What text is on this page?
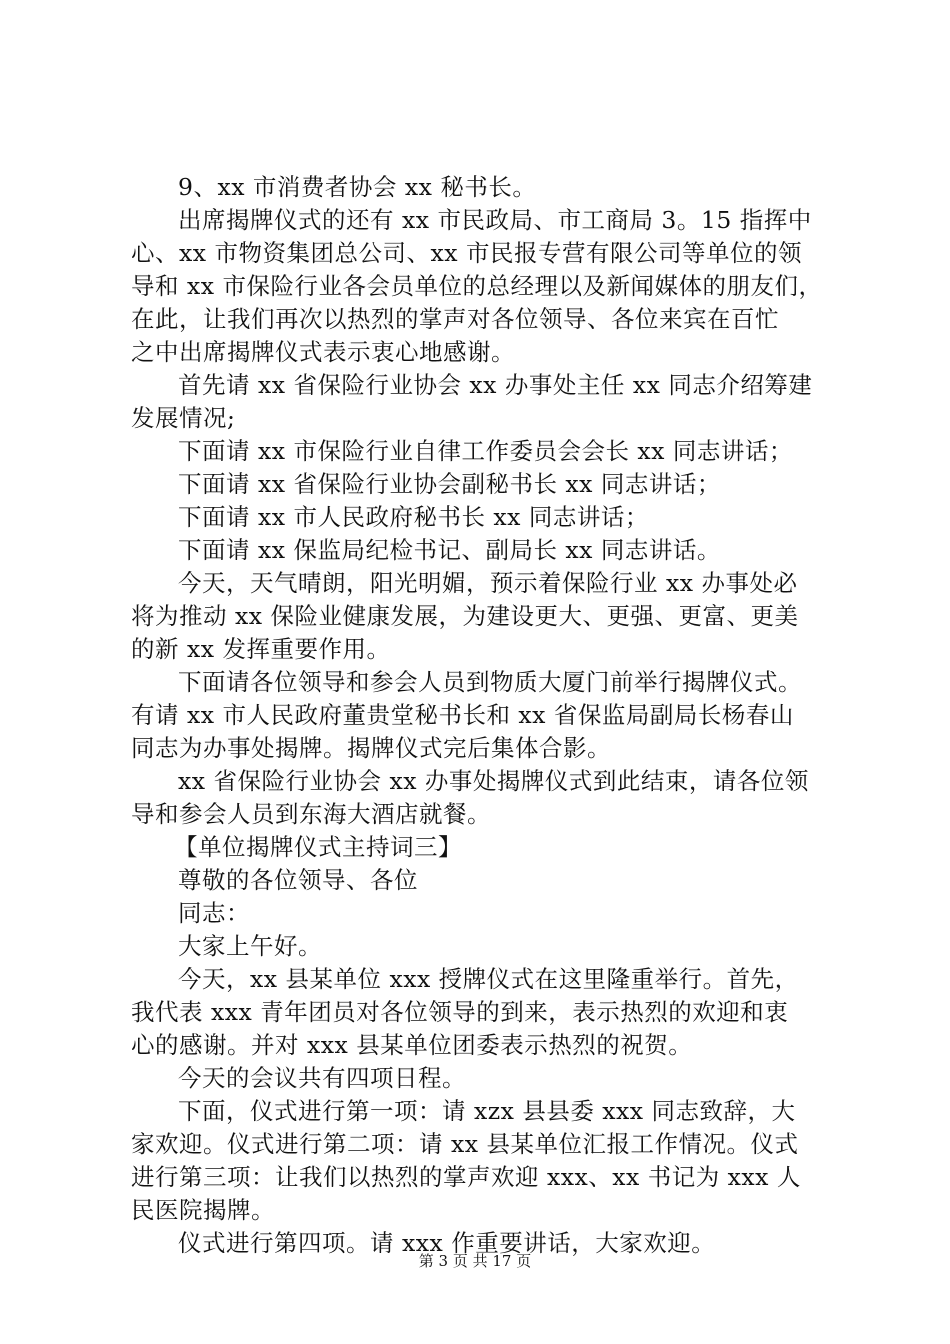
9、xx 市消费者协会 xx 秘书长。
出席揭牌仪式的还有 xx 市民政局、市工商局 3。15 指挥中
心、xx 市物资集团总公司、xx 市民报专营有限公司等单位的领
导和 xx 市保险行业各会员单位的总经理以及新闻媒体的朋友们，
在此，让我们再次以热烈的掌声对各位领导、各位来宾在百忙
之中出席揭牌仪式表示衷心地感谢。
首先请 xx 省保险行业协会 xx 办事处主任 xx 同志介绍筹建
发展情况;
下面请 xx 市保险行业自律工作委员会会长 xx 同志讲话；
下面请 xx 省保险行业协会副秘书长 xx 同志讲话；
下面请 xx 市人民政府秘书长 xx 同志讲话；
下面请 xx 保监局纪检书记、副局长 xx 同志讲话。
今天，天气晴朗，阳光明媚，预示着保险行业 xx 办事处必
将为推动 xx 保险业健康发展，为建设更大、更强、更富、更美
的新 xx 发挥重要作用。
下面请各位领导和参会人员到物质大厦门前举行揭牌仪式。
有请 xx 市人民政府董贵堂秘书长和 xx 省保监局副局长杨春山
同志为办事处揭牌。揭牌仪式完后集体合影。
xx 省保险行业协会 xx 办事处揭牌仪式到此结束，请各位领
导和参会人员到东海大酒店就餐。
【单位揭牌仪式主持词三】
尊敬的各位领导、各位
同志：
大家上午好。
今天，xx 县某单位 xxx 授牌仪式在这里隆重举行。首先，
我代表 xxx 青年团员对各位领导的到来，表示热烈的欢迎和衷
心的感谢。并对 xxx 县某单位团委表示热烈的祝贺。
今天的会议共有四项日程。
下面，仪式进行第一项：请 xzx 县县委 xxx 同志致辞，大
家欢迎。仪式进行第二项：请 xx 县某单位汇报工作情况。仪式
进行第三项：让我们以热烈的掌声欢迎 xxx、xx 书记为 xxx 人
民医院揭牌。
仪式进行第四项。请 xxx 作重要讲话，大家欢迎。
第 3 页 共 17 页
